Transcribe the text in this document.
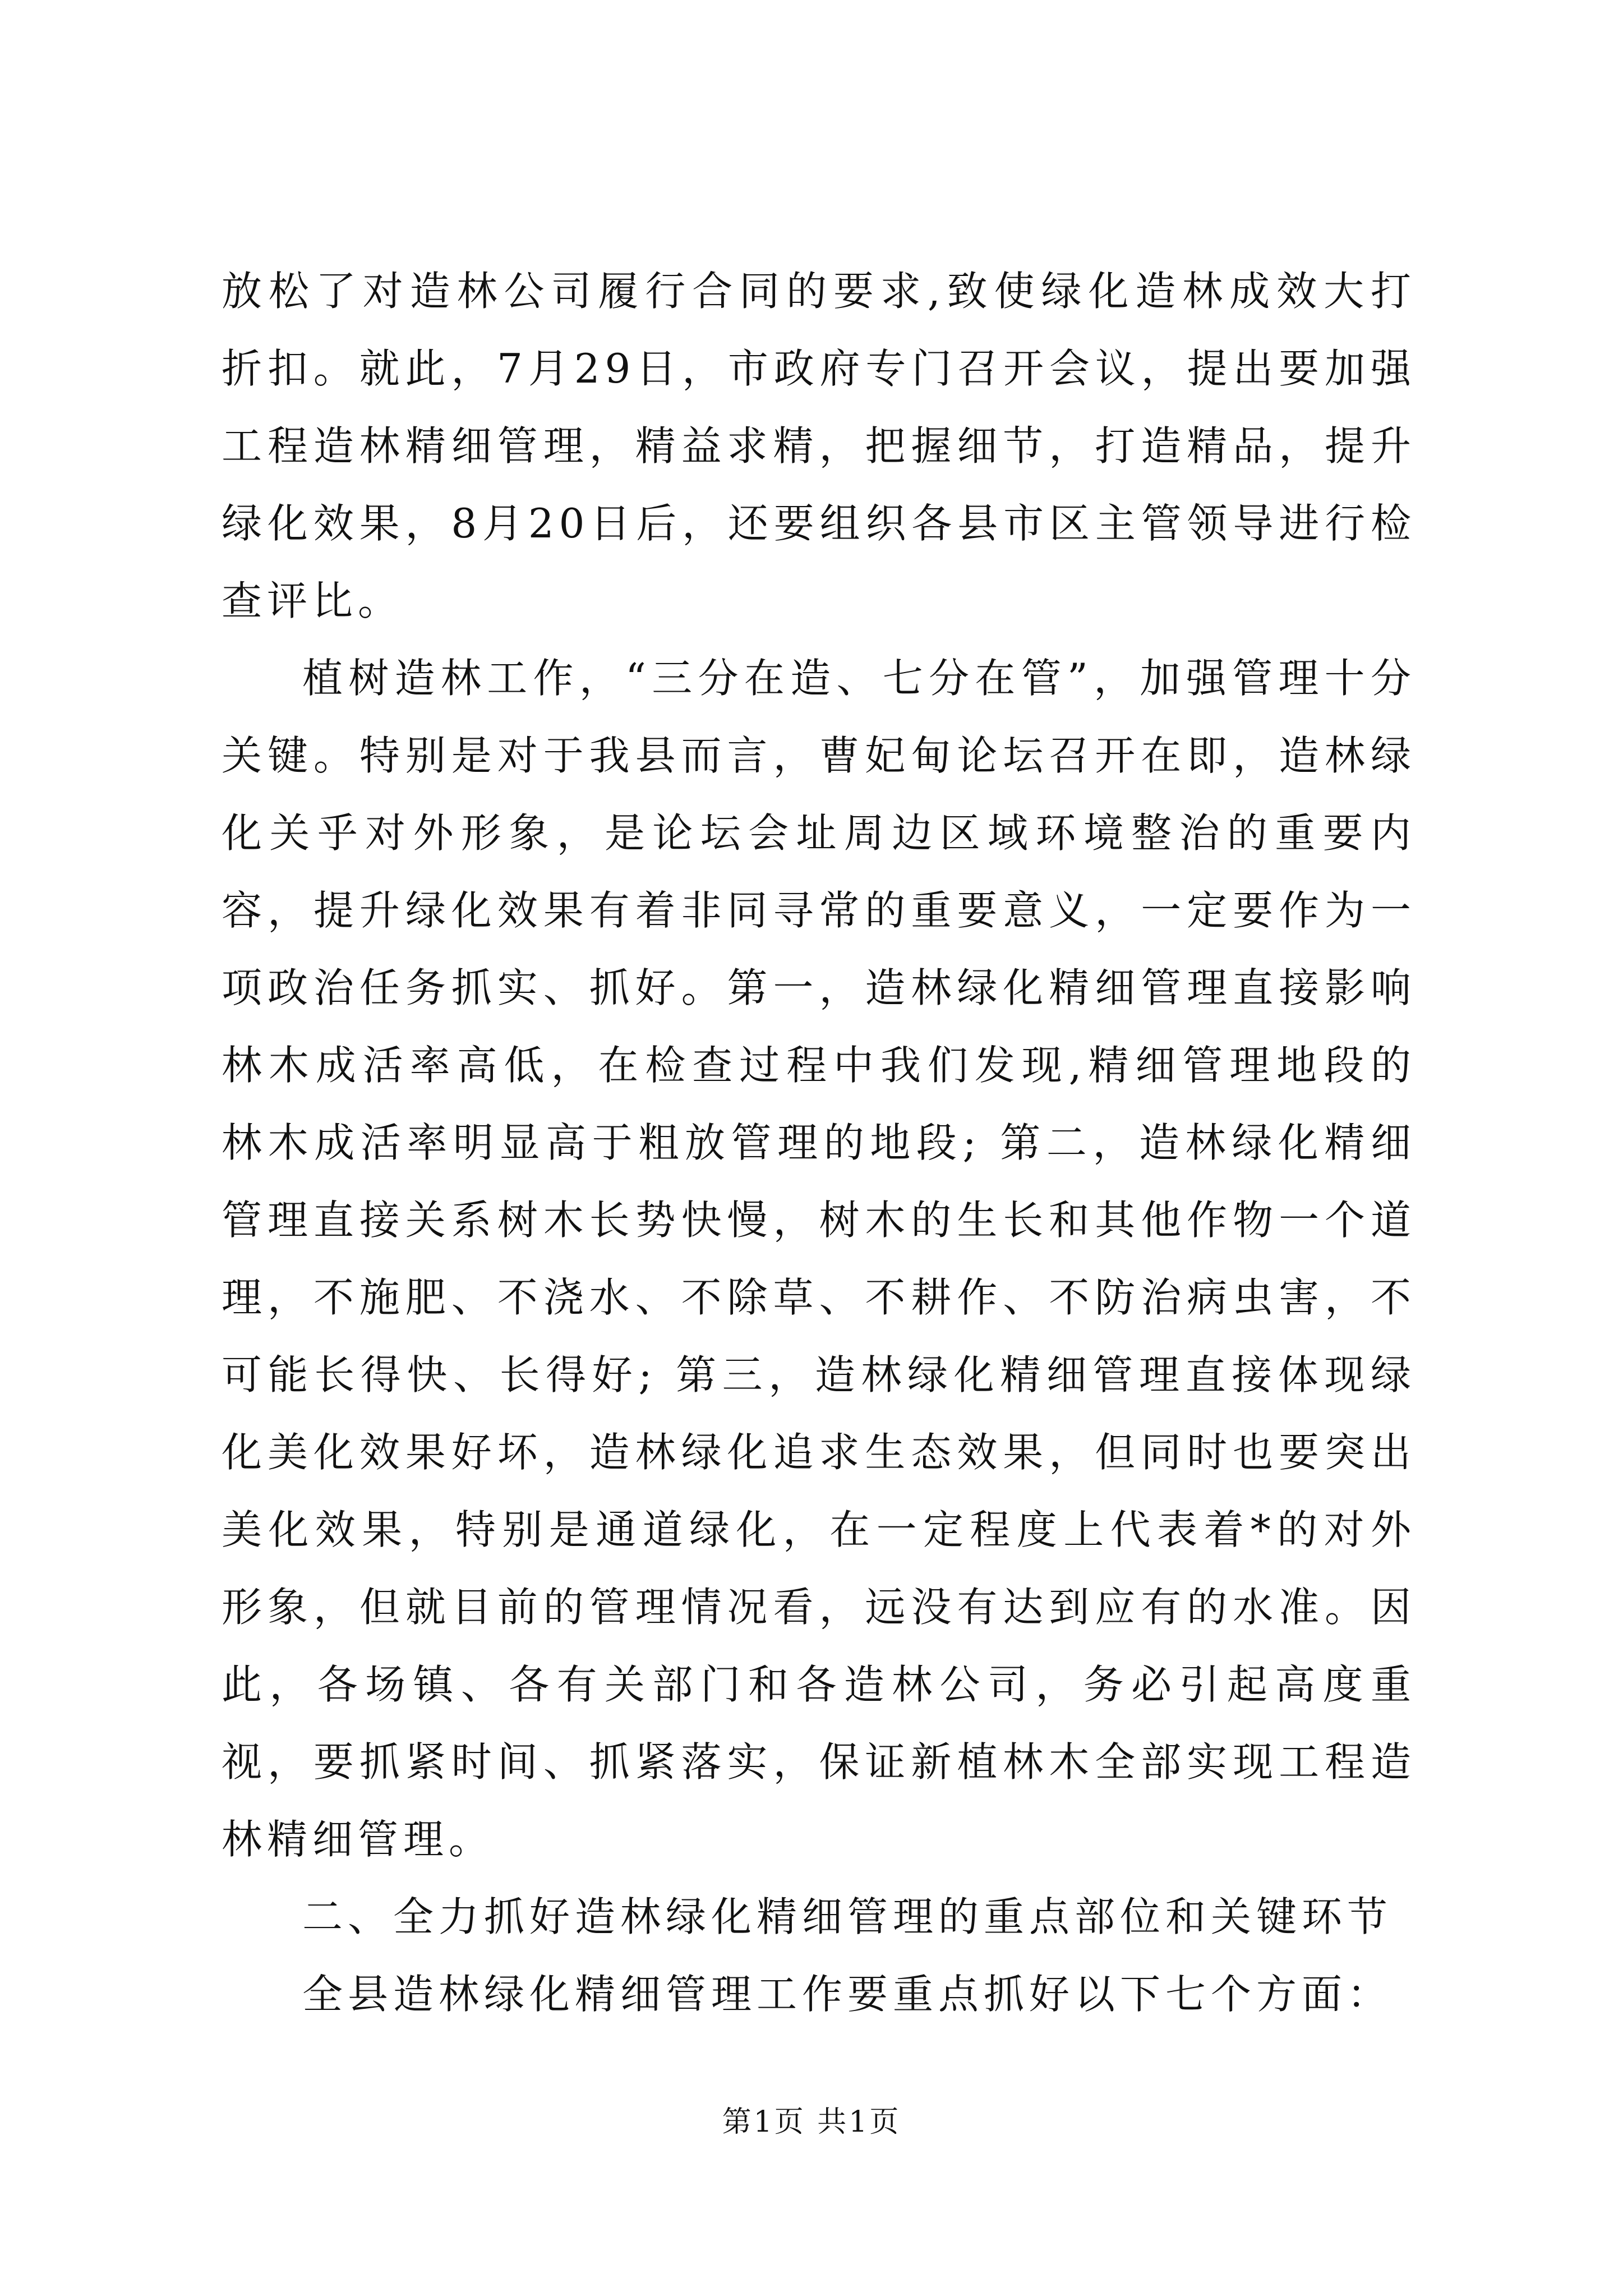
放松了对造林公司履行合同的要求,致使绿化造林成效大打折扣。就此，7月29日，市政府专门召开会议，提出要加强工程造林精细管理，精益求精，把握细节，打造精品，提升绿化效果，8月20日后，还要组织各县市区主管领导进行检查评比。

植树造林工作，“三分在造、七分在管”，加强管理十分关键。特别是对于我县而言，曹妃甸论坛召开在即，造林绿化关乎对外形象，是论坛会址周边区域环境整治的重要内容，提升绿化效果有着非同寻常的重要意义，一定要作为一项政治任务抓实、抓好。第一，造林绿化精细管理直接影响林木成活率高低，在检查过程中我们发现,精细管理地段的林木成活率明显高于粗放管理的地段; 第二，造林绿化精细管理直接关系树木长势快慢，树木的生长和其他作物一个道理，不施肥、不浇水、不除草、不耕作、不防治病虫害，不可能长得快、长得好; 第三，造林绿化精细管理直接体现绿化美化效果好坏，造林绿化追求生态效果，但同时也要突出美化效果，特别是通道绿化，在一定程度上代表着*的对外形象，但就目前的管理情况看，远没有达到应有的水准。因此，各场镇、各有关部门和各造林公司，务必引起高度重视，要抓紧时间、抓紧落实，保证新植林木全部实现工程造林精细管理。

二、全力抓好造林绿化精细管理的重点部位和关键环节

全县造林绿化精细管理工作要重点抓好以下七个方面：

第1页 共1页
